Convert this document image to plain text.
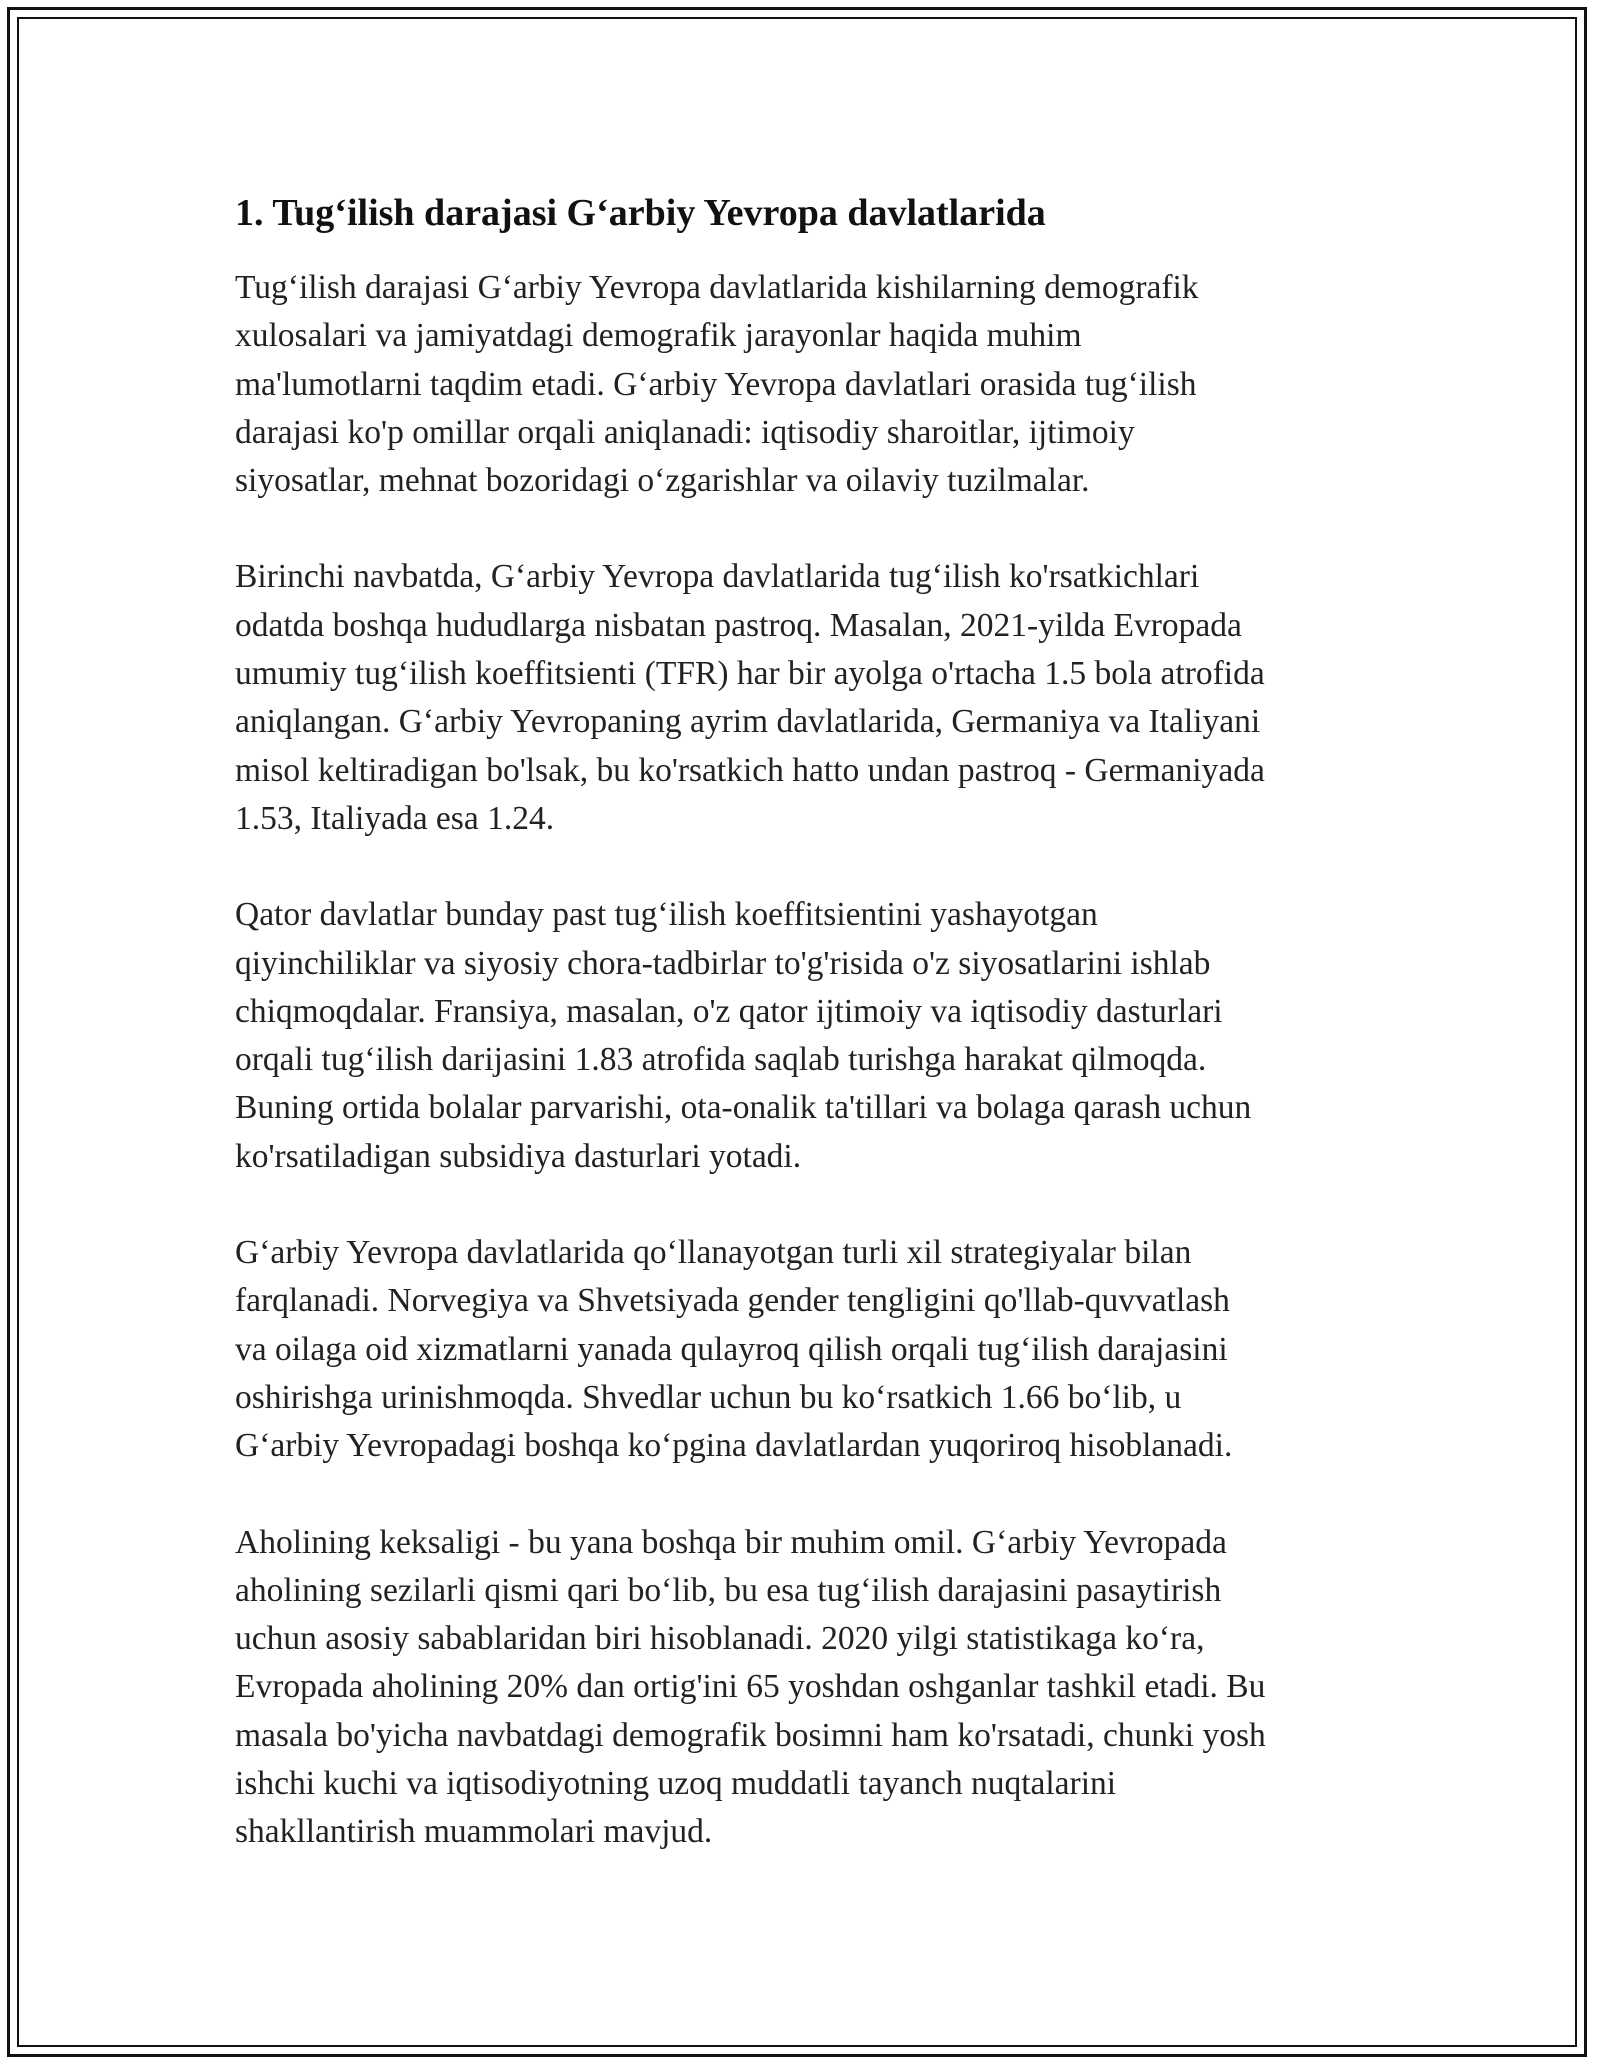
1. Tug‘ilish darajasi G‘arbiy Yevropa davlatlarida

Tug‘ilish darajasi G‘arbiy Yevropa davlatlarida kishilarning demografik
xulosalari va jamiyatdagi demografik jarayonlar haqida muhim
ma'lumotlarni taqdim etadi. G‘arbiy Yevropa davlatlari orasida tug‘ilish
darajasi ko'p omillar orqali aniqlanadi: iqtisodiy sharoitlar, ijtimoiy
siyosatlar, mehnat bozoridagi o‘zgarishlar va oilaviy tuzilmalar.

Birinchi navbatda, G‘arbiy Yevropa davlatlarida tug‘ilish ko'rsatkichlari
odatda boshqa hududlarga nisbatan pastroq. Masalan, 2021-yilda Evropada
umumiy tug‘ilish koeffitsienti (TFR) har bir ayolga o'rtacha 1.5 bola atrofida
aniqlangan. G‘arbiy Yevropaning ayrim davlatlarida, Germaniya va Italiyani
misol keltiradigan bo'lsak, bu ko'rsatkich hatto undan pastroq - Germaniyada
1.53, Italiyada esa 1.24.

Qator davlatlar bunday past tug‘ilish koeffitsientini yashayotgan
qiyinchiliklar va siyosiy chora-tadbirlar to'g'risida o'z siyosatlarini ishlab
chiqmoqdalar. Fransiya, masalan, o'z qator ijtimoiy va iqtisodiy dasturlari
orqali tug‘ilish darijasini 1.83 atrofida saqlab turishga harakat qilmoqda.
Buning ortida bolalar parvarishi, ota-onalik ta'tillari va bolaga qarash uchun
ko'rsatiladigan subsidiya dasturlari yotadi.

G‘arbiy Yevropa davlatlarida qo‘llanayotgan turli xil strategiyalar bilan
farqlanadi. Norvegiya va Shvetsiyada gender tengligini qo'llab-quvvatlash
va oilaga oid xizmatlarni yanada qulayroq qilish orqali tug‘ilish darajasini
oshirishga urinishmoqda. Shvedlar uchun bu ko‘rsatkich 1.66 bo‘lib, u
G‘arbiy Yevropadagi boshqa ko‘pgina davlatlardan yuqoriroq hisoblanadi.

Aholining keksaligi - bu yana boshqa bir muhim omil. G‘arbiy Yevropada
aholining sezilarli qismi qari bo‘lib, bu esa tug‘ilish darajasini pasaytirish
uchun asosiy sabablaridan biri hisoblanadi. 2020 yilgi statistikaga ko‘ra,
Evropada aholining 20% dan ortig'ini 65 yoshdan oshganlar tashkil etadi. Bu
masala bo'yicha navbatdagi demografik bosimni ham ko'rsatadi, chunki yosh
ishchi kuchi va iqtisodiyotning uzoq muddatli tayanch nuqtalarini
shakllantirish muammolari mavjud.
